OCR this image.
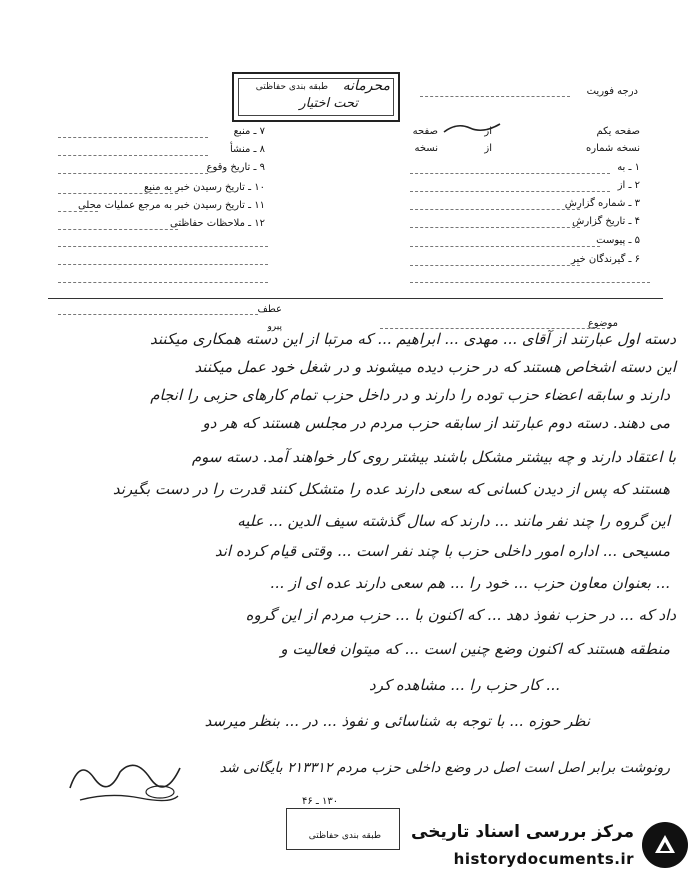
طبقه بندی حفاظتی محرمانه
تحت اختیار
درجه فوریت
صفحه یکم
از
صفحه
نسخه شماره
از
نسخه
۱ ـ به
۲ ـ از
۳ ـ شماره گزارش
۴ ـ تاریخ گزارش
۵ ـ پیوست
۶ ـ گیرندگان خبر
۷ ـ منبع
۸ ـ منشأ
۹ ـ تاریخ وقوع
۱۰ ـ تاریخ رسیدن خبر به منبع
۱۱ ـ تاریخ رسیدن خبر به مرجع عملیات محلی
۱۲ ـ ملاحظات حفاظتی
موضوع
عطف
پیرو
دسته اول عبارتند از آقای ... مهدی ... ابراهیم ... که مرتبا از این دسته همکاری میکنند
این دسته اشخاص هستند که در حزب دیده میشوند و در شغل خود عمل میکنند
دارند و سابقه اعضاء حزب توده را دارند و در داخل حزب تمام کارهای حزبی را انجام
می دهند. دسته دوم عبارتند از سابقه حزب مردم در مجلس هستند که هر دو
با اعتقاد دارند و چه بیشتر مشکل باشند بیشتر روی کار خواهند آمد. دسته سوم
هستند که پس از دیدن کسانی که سعی دارند عده را متشکل کنند قدرت را در دست بگیرند
این گروه را چند نفر مانند ... دارند که سال گذشته سیف الدین ... علیه
مسیحی ... اداره امور داخلی حزب با چند نفر است ... وقتی قیام کرده اند
... بعنوان معاون حزب ... خود را ... هم سعی دارند عده ای از ...
داد که ... در حزب نفوذ دهد ... که اکنون با ... حزب مردم از این گروه
منطقه هستند که اکنون وضع چنین است ... که میتوان فعالیت و
... کار حزب را ... مشاهده کرد
نظر حوزه ... با توجه به شناسائی و نفوذ ... در ... بنظر میرسد
رونوشت برابر اصل است اصل در وضع داخلی حزب مردم ۲۱۳۳۱۲ بایگانی شد
۱۳۰ ـ ۴۶
طبقه بندی حفاظتی مرکز بررسی اسناد تاریخی
historydocuments.ir
